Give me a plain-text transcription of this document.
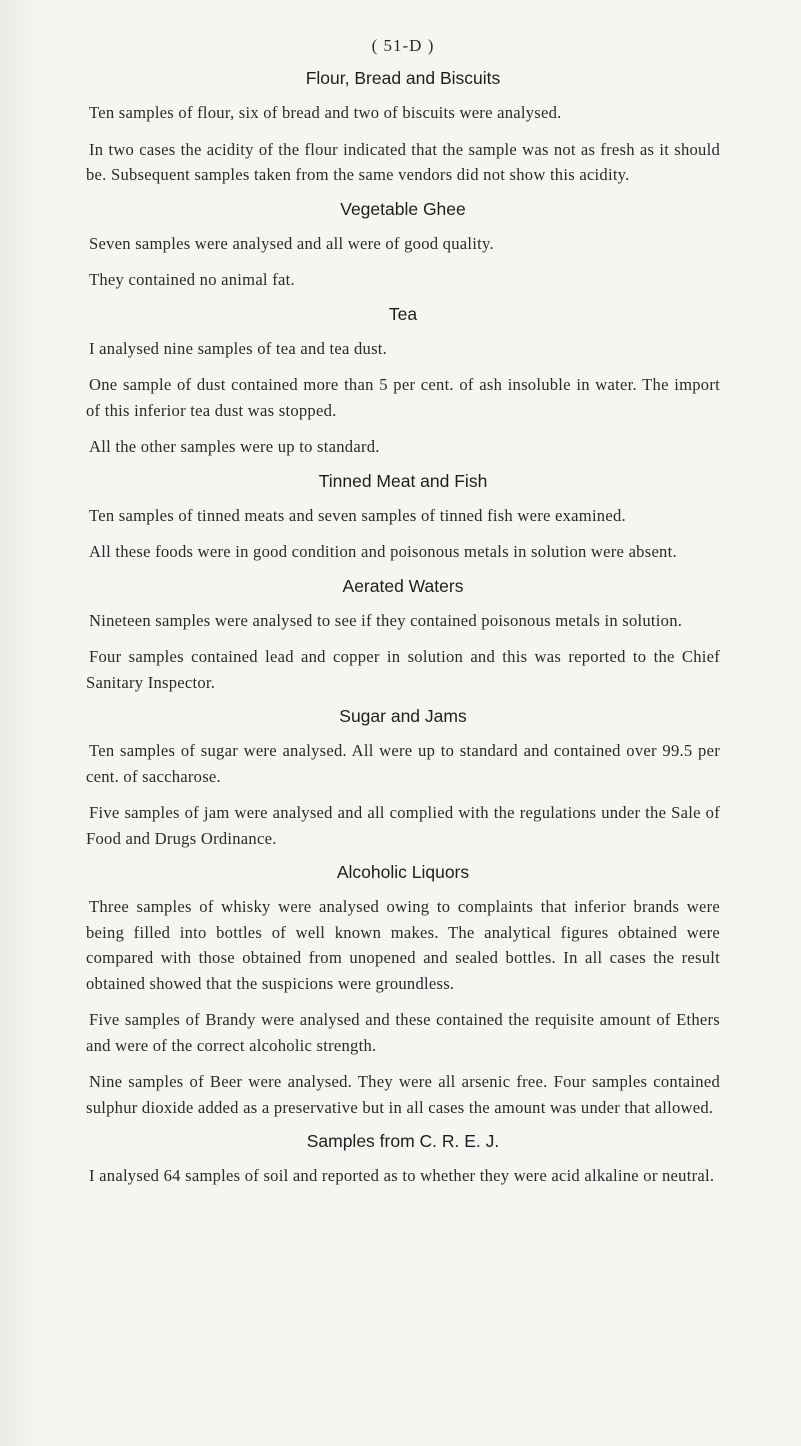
( 51-D )
Flour, Bread and Biscuits

Ten samples of flour, six of bread and two of biscuits were analysed.

In two cases the acidity of the flour indicated that the sample was not as fresh as it should be. Subsequent samples taken from the same vendors did not show this acidity.

Vegetable Ghee

Seven samples were analysed and all were of good quality.

They contained no animal fat.

Tea

I analysed nine samples of tea and tea dust.

One sample of dust contained more than 5 per cent. of ash insoluble in water. The import of this inferior tea dust was stopped.

All the other samples were up to standard.

Tinned Meat and Fish

Ten samples of tinned meats and seven samples of tinned fish were examined.

All these foods were in good condition and poisonous metals in solution were absent.

Aerated Waters

Nineteen samples were analysed to see if they contained poisonous metals in solution.

Four samples contained lead and copper in solution and this was reported to the Chief Sanitary Inspector.

Sugar and Jams

Ten samples of sugar were analysed. All were up to standard and contained over 99.5 per cent. of saccharose.

Five samples of jam were analysed and all complied with the regulations under the Sale of Food and Drugs Ordinance.

Alcoholic Liquors

Three samples of whisky were analysed owing to complaints that inferior brands were being filled into bottles of well known makes. The analytical figures obtained were compared with those obtained from unopened and sealed bottles. In all cases the result obtained showed that the suspicions were groundless.

Five samples of Brandy were analysed and these contained the requisite amount of Ethers and were of the correct alcoholic strength.

Nine samples of Beer were analysed. They were all arsenic free. Four samples contained sulphur dioxide added as a preservative but in all cases the amount was under that allowed.

Samples from C. R. E. J.

I analysed 64 samples of soil and reported as to whether they were acid alkaline or neutral.
